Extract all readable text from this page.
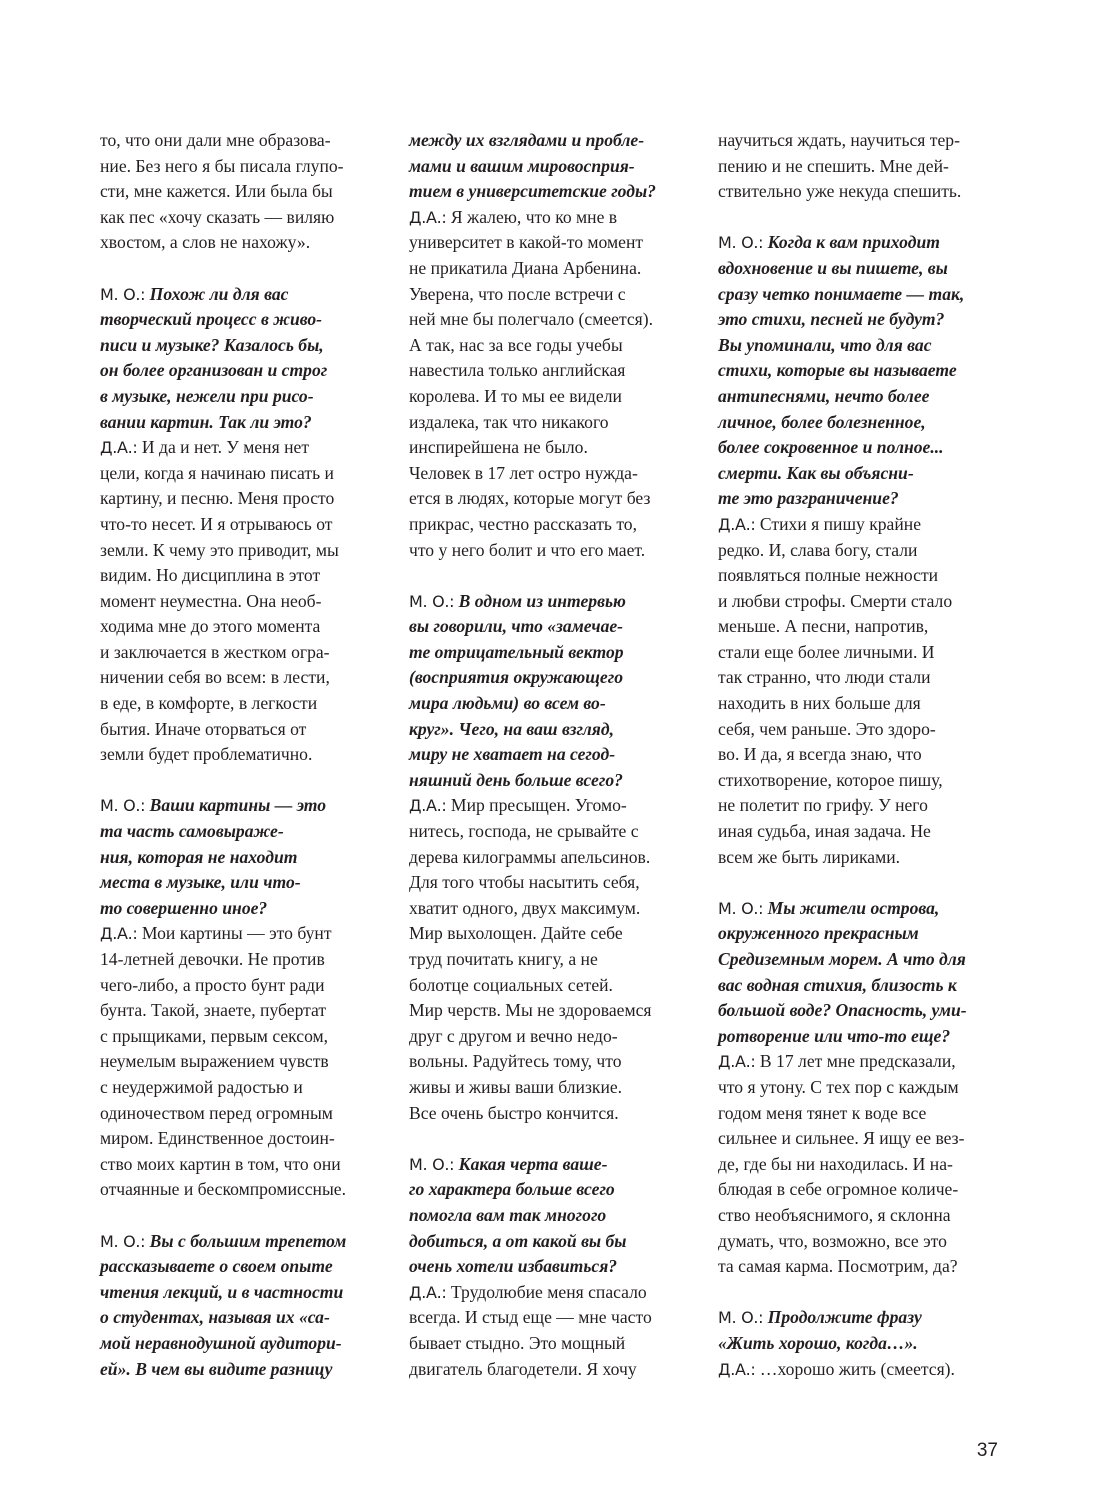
то, что они дали мне образова-
ние. Без него я бы писала глупо-
сти, мне кажется. Или была бы
как пес «хочу сказать — виляю
хвостом, а слов не нахожу».
М. О.: Похож ли для вас
творческий процесс в живо-
писи и музыке? Казалось бы,
он более организован и строг
в музыке, нежели при рисо-
вании картин. Так ли это?
Д.А.: И да и нет. У меня нет
цели, когда я начинаю писать и
картину, и песню. Меня просто
что-то несет. И я отрываюсь от
земли. К чему это приводит, мы
видим. Но дисциплина в этот
момент неуместна. Она необ-
ходима мне до этого момента
и заключается в жестком огра-
ничении себя во всем: в лести,
в еде, в комфорте, в легкости
бытия. Иначе оторваться от
земли будет проблематично.
М. О.: Ваши картины — это
та часть самовыраже-
ния, которая не находит
места в музыке, или что-
то совершенно иное?
Д.А.: Мои картины — это бунт
14-летней девочки. Не против
чего-либо, а просто бунт ради
бунта. Такой, знаете, пубертат
с прыщиками, первым сексом,
неумелым выражением чувств
с неудержимой радостью и
одиночеством перед огромным
миром. Единственное достоин-
ство моих картин в том, что они
отчаянные и бескомпромиссные.
М. О.: Вы с большим трепетом
рассказываете о своем опыте
чтения лекций, и в частности
о студентах, называя их «са-
мой неравнодушной аудитори-
ей». В чем вы видите разницу
между их взглядами и пробле-
мами и вашим мировосприя-
тием в университетские годы?
Д.А.: Я жалею, что ко мне в
университет в какой-то момент
не прикатила Диана Арбенина.
Уверена, что после встречи с
ней мне бы полегчало (смеется).
А так, нас за все годы учебы
навестила только английская
королева. И то мы ее видели
издалека, так что никакого
инспирейшена не было.
Человек в 17 лет остро нужда-
ется в людях, которые могут без
прикрас, честно рассказать то,
что у него болит и что его мает.
М. О.: В одном из интервью
вы говорили, что «замечае-
те отрицательный вектор
(восприятия окружающего
мира людьми) во всем во-
круг». Чего, на ваш взгляд,
миру не хватает на сегод-
няшний день больше всего?
Д.А.: Мир пресыщен. Угомо-
нитесь, господа, не срывайте с
дерева килограммы апельсинов.
Для того чтобы насытить себя,
хватит одного, двух максимум.
Мир выхолощен. Дайте себе
труд почитать книгу, а не
болотце социальных сетей.
Мир черств. Мы не здороваемся
друг с другом и вечно недо-
вольны. Радуйтесь тому, что
живы и живы ваши близкие.
Все очень быстро кончится.
М. О.: Какая черта ваше-
го характера больше всего
помогла вам так многого
добиться, а от какой вы бы
очень хотели избавиться?
Д.А.: Трудолюбие меня спасало
всегда. И стыд еще — мне часто
бывает стыдно. Это мощный
двигатель благодетели. Я хочу
научиться ждать, научиться тер-
пению и не спешить. Мне дей-
ствительно уже некуда спешить.
М. О.: Когда к вам приходит
вдохновение и вы пишете, вы
сразу четко понимаете — так,
это стихи, песней не будут?
Вы упоминали, что для вас
стихи, которые вы называете
антипеснями, нечто более
личное, более болезненное,
более сокровенное и полное...
смерти. Как вы объясни-
те это разграничение?
Д.А.: Стихи я пишу крайне
редко. И, слава богу, стали
появляться полные нежности
и любви строфы. Смерти стало
меньше. А песни, напротив,
стали еще более личными. И
так странно, что люди стали
находить в них больше для
себя, чем раньше. Это здоро-
во. И да, я всегда знаю, что
стихотворение, которое пишу,
не полетит по грифу. У него
иная судьба, иная задача. Не
всем же быть лириками.
М. О.: Мы жители острова,
окруженного прекрасным
Средиземным морем. А что для
вас водная стихия, близость к
большой воде? Опасность, уми-
ротворение или что-то еще?
Д.А.: В 17 лет мне предсказали,
что я утону. С тех пор с каждым
годом меня тянет к воде все
сильнее и сильнее. Я ищу ее вез-
де, где бы ни находилась. И на-
блюдая в себе огромное количе-
ство необъяснимого, я склонна
думать, что, возможно, все это
та самая карма. Посмотрим, да?
М. О.: Продолжите фразу
«Жить хорошо, когда…».
Д.А.: …хорошо жить (смеется).
37
